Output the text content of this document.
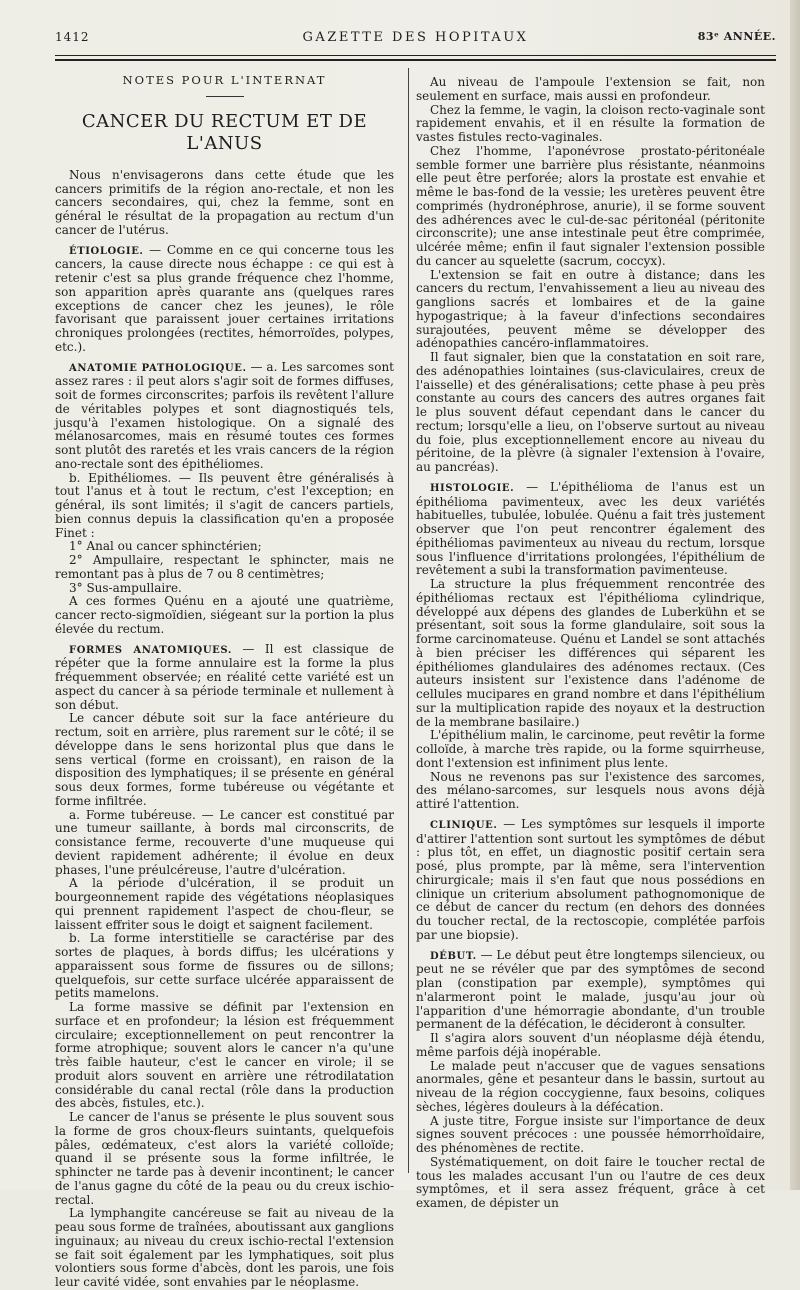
1412	GAZETTE DES HOPITAUX	83ᵉ ANNÉE.
NOTES POUR L'INTERNAT
CANCER DU RECTUM ET DE L'ANUS

Nous n'envisagerons dans cette étude que les cancers primitifs de la région ano-rectale, et non les cancers secondaires, qui, chez la femme, sont en général le résultat de la propagation au rectum d'un cancer de l'utérus.

ÉTIOLOGIE. — Comme en ce qui concerne tous les cancers, la cause directe nous échappe : ce qui est à retenir c'est sa plus grande fréquence chez l'homme, son apparition après quarante ans (quelques rares exceptions de cancer chez les jeunes), le rôle favorisant que paraissent jouer certaines irritations chroniques prolongées (rectites, hémorroïdes, polypes, etc.).

ANATOMIE PATHOLOGIQUE. — a. Les sarcomes sont assez rares : il peut alors s'agir soit de formes diffuses, soit de formes circonscrites; parfois ils revêtent l'allure de véritables polypes et sont diagnostiqués tels, jusqu'à l'examen histologique. On a signalé des mélanosarcomes, mais en résumé toutes ces formes sont plutôt des raretés et les vrais cancers de la région ano-rectale sont des épithéliomes.

b. Epithéliomes. — Ils peuvent être généralisés à tout l'anus et à tout le rectum, c'est l'exception; en général, ils sont limités; il s'agit de cancers partiels, bien connus depuis la classification qu'en a proposée Finet :

1° Anal ou cancer sphinctérien;

2° Ampullaire, respectant le sphincter, mais ne remontant pas à plus de 7 ou 8 centimètres;

3° Sus-ampullaire.

A ces formes Quénu en a ajouté une quatrième, cancer recto-sigmoïdien, siégeant sur la portion la plus élevée du rectum.

FORMES ANATOMIQUES. — Il est classique de répéter que la forme annulaire est la forme la plus fréquemment observée; en réalité cette variété est un aspect du cancer à sa période terminale et nullement à son début.

Le cancer débute soit sur la face antérieure du rectum, soit en arrière, plus rarement sur le côté; il se développe dans le sens horizontal plus que dans le sens vertical (forme en croissant), en raison de la disposition des lymphatiques; il se présente en général sous deux formes, forme tubéreuse ou végétante et forme infiltrée.

a. Forme tubéreuse. — Le cancer est constitué par une tumeur saillante, à bords mal circonscrits, de consistance ferme, recouverte d'une muqueuse qui devient rapidement adhérente; il évolue en deux phases, l'une préulcéreuse, l'autre d'ulcération.

A la période d'ulcération, il se produit un bourgeonnement rapide des végétations néoplasiques qui prennent rapidement l'aspect de chou-fleur, se laissent effriter sous le doigt et saignent facilement.

b. La forme interstitielle se caractérise par des sortes de plaques, à bords diffus; les ulcérations y apparaissent sous forme de fissures ou de sillons; quelquefois, sur cette surface ulcérée apparaissent de petits mamelons.

La forme massive se définit par l'extension en surface et en profondeur; la lésion est fréquemment circulaire; exceptionnellement on peut rencontrer la forme atrophique; souvent alors le cancer n'a qu'une très faible hauteur, c'est le cancer en virole; il se produit alors souvent en arrière une rétrodilatation considérable du canal rectal (rôle dans la production des abcès, fistules, etc.).

Le cancer de l'anus se présente le plus souvent sous la forme de gros choux-fleurs suintants, quelquefois pâles, œdémateux, c'est alors la variété colloïde; quand il se présente sous la forme infiltrée, le sphincter ne tarde pas à devenir incontinent; le cancer de l'anus gagne du côté de la peau ou du creux ischio-rectal.

La lymphangite cancéreuse se fait au niveau de la peau sous forme de traînées, aboutissant aux ganglions inguinaux; au niveau du creux ischio-rectal l'extension se fait soit également par les lymphatiques, soit plus volontiers sous forme d'abcès, dont les parois, une fois leur cavité vidée, sont envahies par le néoplasme.

Au niveau de l'ampoule l'extension se fait, non seulement en surface, mais aussi en profondeur.

Chez la femme, le vagin, la cloison recto-vaginale sont rapidement envahis, et il en résulte la formation de vastes fistules recto-vaginales.

Chez l'homme, l'aponévrose prostato-péritonéale semble former une barrière plus résistante, néanmoins elle peut être perforée; alors la prostate est envahie et même le bas-fond de la vessie; les uretères peuvent être comprimés (hydronéphrose, anurie), il se forme souvent des adhérences avec le cul-de-sac péritonéal (péritonite circonscrite); une anse intestinale peut être comprimée, ulcérée même; enfin il faut signaler l'extension possible du cancer au squelette (sacrum, coccyx).

L'extension se fait en outre à distance; dans les cancers du rectum, l'envahissement a lieu au niveau des ganglions sacrés et lombaires et de la gaine hypogastrique; à la faveur d'infections secondaires surajoutées, peuvent même se développer des adénopathies cancéro-inflammatoires.

Il faut signaler, bien que la constatation en soit rare, des adénopathies lointaines (sus-claviculaires, creux de l'aisselle) et des généralisations; cette phase à peu près constante au cours des cancers des autres organes fait le plus souvent défaut cependant dans le cancer du rectum; lorsqu'elle a lieu, on l'observe surtout au niveau du foie, plus exceptionnellement encore au niveau du péritoine, de la plèvre (à signaler l'extension à l'ovaire, au pancréas).

HISTOLOGIE. — L'épithélioma de l'anus est un épithélioma pavimenteux, avec les deux variétés habituelles, tubulée, lobulée. Quénu a fait très justement observer que l'on peut rencontrer également des épithéliomas pavimenteux au niveau du rectum, lorsque sous l'influence d'irritations prolongées, l'épithélium de revêtement a subi la transformation pavimenteuse.

La structure la plus fréquemment rencontrée des épithéliomas rectaux est l'épithélioma cylindrique, développé aux dépens des glandes de Luberkühn et se présentant, soit sous la forme glandulaire, soit sous la forme carcinomateuse. Quénu et Landel se sont attachés à bien préciser les différences qui séparent les épithéliomes glandulaires des adénomes rectaux. (Ces auteurs insistent sur l'existence dans l'adénome de cellules mucipares en grand nombre et dans l'épithélium sur la multiplication rapide des noyaux et la destruction de la membrane basilaire.)

L'épithélium malin, le carcinome, peut revêtir la forme colloïde, à marche très rapide, ou la forme squirrheuse, dont l'extension est infiniment plus lente.

Nous ne revenons pas sur l'existence des sarcomes, des mélano-sarcomes, sur lesquels nous avons déjà attiré l'attention.

CLINIQUE. — Les symptômes sur lesquels il importe d'attirer l'attention sont surtout les symptômes de début : plus tôt, en effet, un diagnostic positif certain sera posé, plus prompte, par là même, sera l'intervention chirurgicale; mais il s'en faut que nous possédions en clinique un criterium absolument pathognomonique de ce début de cancer du rectum (en dehors des données du toucher rectal, de la rectoscopie, complétée parfois par une biopsie).

DÉBUT. — Le début peut être longtemps silencieux, ou peut ne se révéler que par des symptômes de second plan (constipation par exemple), symptômes qui n'alarmeront point le malade, jusqu'au jour où l'apparition d'une hémorragie abondante, d'un trouble permanent de la défécation, le décideront à consulter.

Il s'agira alors souvent d'un néoplasme déjà étendu, même parfois déjà inopérable.

Le malade peut n'accuser que de vagues sensations anormales, gêne et pesanteur dans le bassin, surtout au niveau de la région coccygienne, faux besoins, coliques sèches, légères douleurs à la défécation.

A juste titre, Forgue insiste sur l'importance de deux signes souvent précoces : une poussée hémorrhoïdaire, des phénomènes de rectite.

Systématiquement, on doit faire le toucher rectal de tous les malades accusant l'un ou l'autre de ces deux symptômes, et il sera assez fréquent, grâce à cet examen, de dépister un
